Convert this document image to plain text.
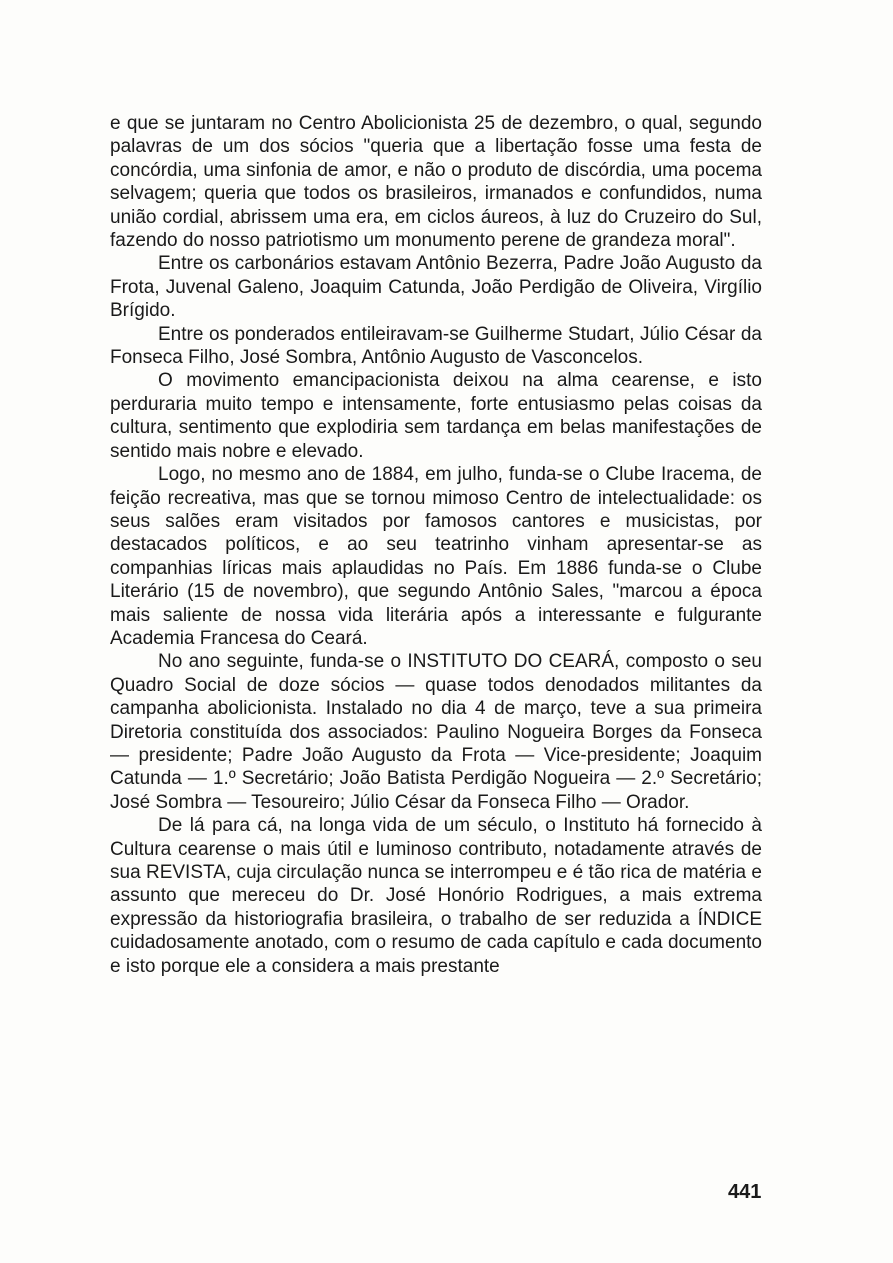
e que se juntaram no Centro Abolicionista 25 de dezembro, o qual, segundo palavras de um dos sócios "queria que a libertação fosse uma festa de concórdia, uma sinfonia de amor, e não o produto de discórdia, uma pocema selvagem; queria que todos os brasileiros, irmanados e confundidos, numa união cordial, abrissem uma era, em ciclos áureos, à luz do Cruzeiro do Sul, fazendo do nosso patriotismo um monumento perene de grandeza moral".

Entre os carbonários estavam Antônio Bezerra, Padre João Augusto da Frota, Juvenal Galeno, Joaquim Catunda, João Perdigão de Oliveira, Virgílio Brígido.

Entre os ponderados entileiravam-se Guilherme Studart, Júlio César da Fonseca Filho, José Sombra, Antônio Augusto de Vasconcelos.

O movimento emancipacionista deixou na alma cearense, e isto perduraria muito tempo e intensamente, forte entusiasmo pelas coisas da cultura, sentimento que explodiria sem tardança em belas manifestações de sentido mais nobre e elevado.

Logo, no mesmo ano de 1884, em julho, funda-se o Clube Iracema, de feição recreativa, mas que se tornou mimoso Centro de intelectualidade: os seus salões eram visitados por famosos cantores e musicistas, por destacados políticos, e ao seu teatrinho vinham apresentar-se as companhias líricas mais aplaudidas no País. Em 1886 funda-se o Clube Literário (15 de novembro), que segundo Antônio Sales, "marcou a época mais saliente de nossa vida literária após a interessante e fulgurante Academia Francesa do Ceará.

No ano seguinte, funda-se o INSTITUTO DO CEARÁ, composto o seu Quadro Social de doze sócios — quase todos denodados militantes da campanha abolicionista. Instalado no dia 4 de março, teve a sua primeira Diretoria constituída dos associados: Paulino Nogueira Borges da Fonseca — presidente; Padre João Augusto da Frota — Vice-presidente; Joaquim Catunda — 1.º Secretário; João Batista Perdigão Nogueira — 2.º Secretário; José Sombra — Tesoureiro; Júlio César da Fonseca Filho — Orador.

De lá para cá, na longa vida de um século, o Instituto há fornecido à Cultura cearense o mais útil e luminoso contributo, notadamente através de sua REVISTA, cuja circulação nunca se interrompeu e é tão rica de matéria e assunto que mereceu do Dr. José Honório Rodrigues, a mais extrema expressão da historiografia brasileira, o trabalho de ser reduzida a ÍNDICE cuidadosamente anotado, com o resumo de cada capítulo e cada documento e isto porque ele a considera a mais prestante

441
